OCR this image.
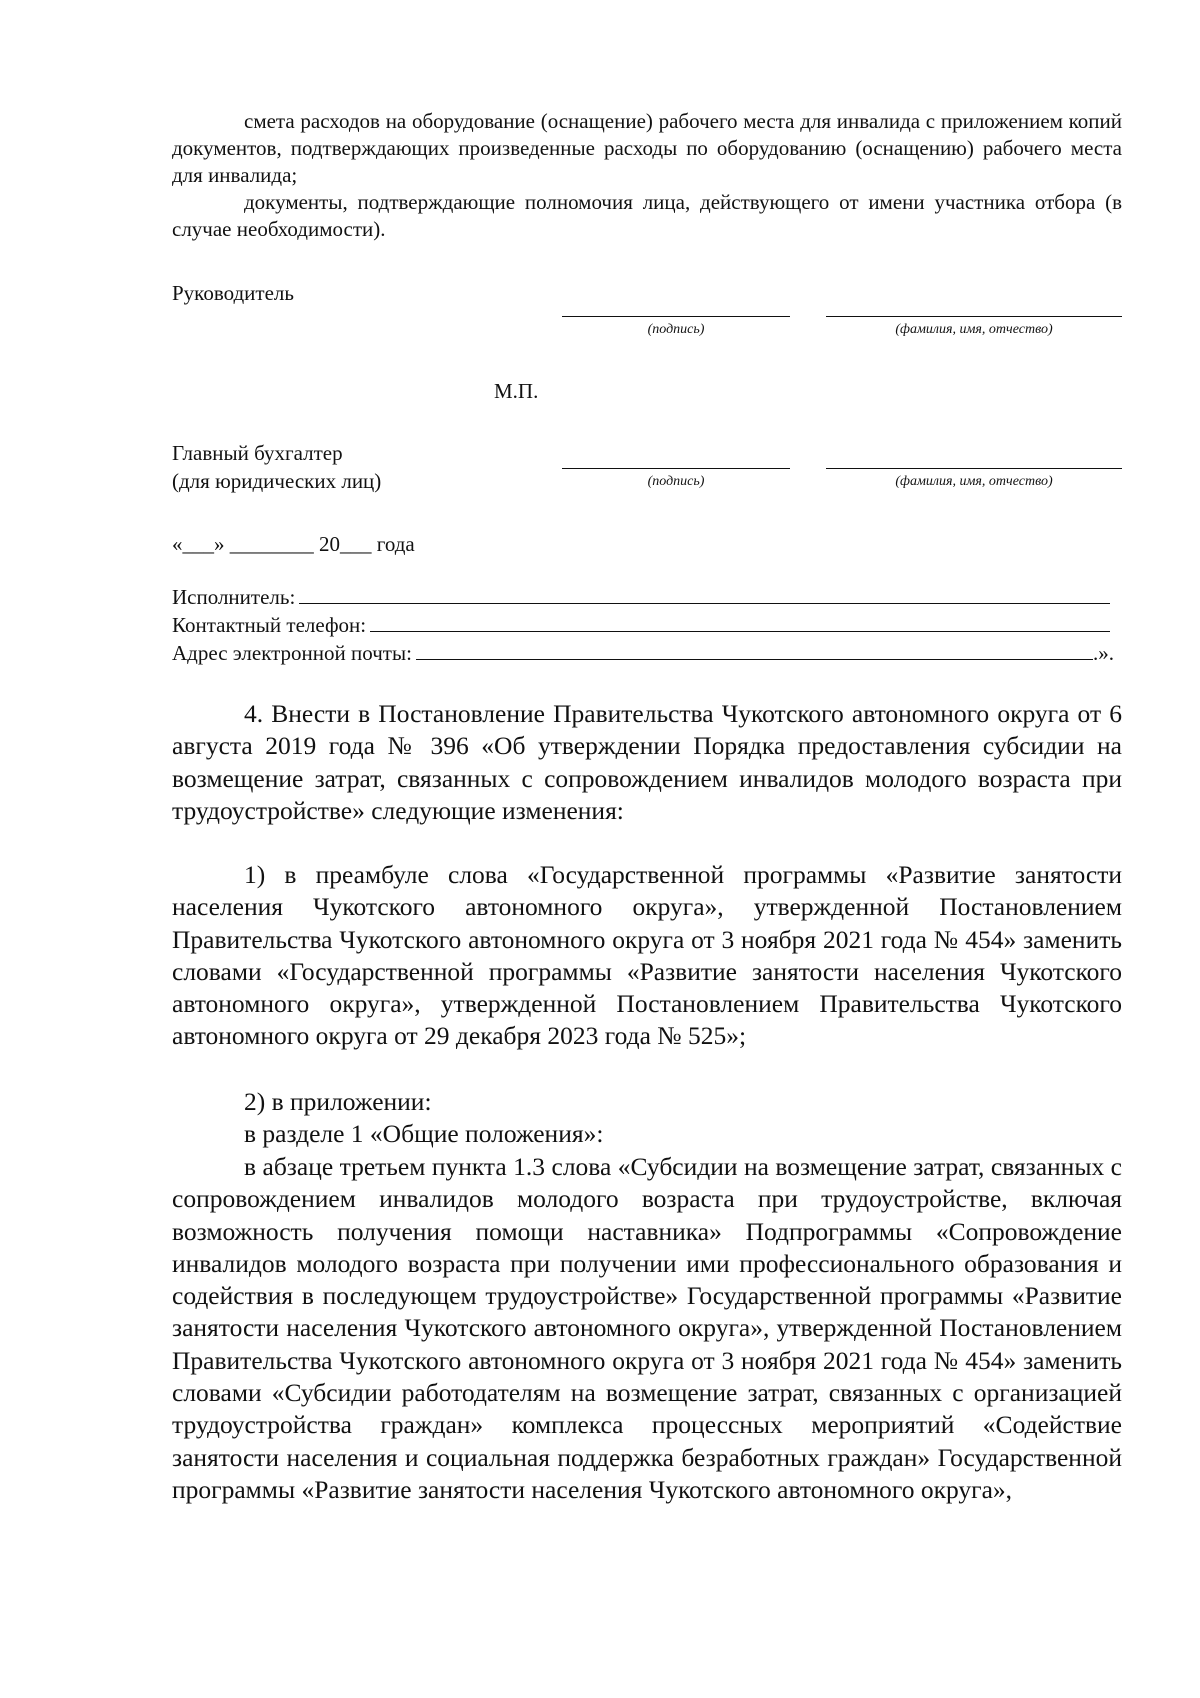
смета расходов на оборудование (оснащение) рабочего места для инвалида с приложением копий документов, подтверждающих произведенные расходы по оборудованию (оснащению) рабочего места для инвалида;

документы, подтверждающие полномочия лица, действующего от имени участника отбора (в случае необходимости).

Руководитель
(подпись)	(фамилия, имя, отчество)
М.П.
Главный бухгалтер
(для юридических лиц)	(подпись)	(фамилия, имя, отчество)
«___» ________ 20___ года
Исполнитель:
Контактный телефон:
Адрес электронной почты:	.».

4. Внести в Постановление Правительства Чукотского автономного округа от 6 августа 2019 года № 396 «Об утверждении Порядка предоставления субсидии на возмещение затрат, связанных с сопровождением инвалидов молодого возраста при трудоустройстве» следующие изменения:

1) в преамбуле слова «Государственной программы «Развитие занятости населения Чукотского автономного округа», утвержденной Постановлением Правительства Чукотского автономного округа от 3 ноября 2021 года № 454» заменить словами «Государственной программы «Развитие занятости населения Чукотского автономного округа», утвержденной Постановлением Правительства Чукотского автономного округа от 29 декабря 2023 года № 525»;

2) в приложении:

в разделе 1 «Общие положения»:

в абзаце третьем пункта 1.3 слова «Субсидии на возмещение затрат, связанных с сопровождением инвалидов молодого возраста при трудоустройстве, включая возможность получения помощи наставника» Подпрограммы «Сопровождение инвалидов молодого возраста при получении ими профессионального образования и содействия в последующем трудоустройстве» Государственной программы «Развитие занятости населения Чукотского автономного округа», утвержденной Постановлением Правительства Чукотского автономного округа от 3 ноября 2021 года № 454» заменить словами «Субсидии работодателям на возмещение затрат, связанных с организацией трудоустройства граждан» комплекса процессных мероприятий «Содействие занятости населения и социальная поддержка безработных граждан» Государственной программы «Развитие занятости населения Чукотского автономного округа»,
